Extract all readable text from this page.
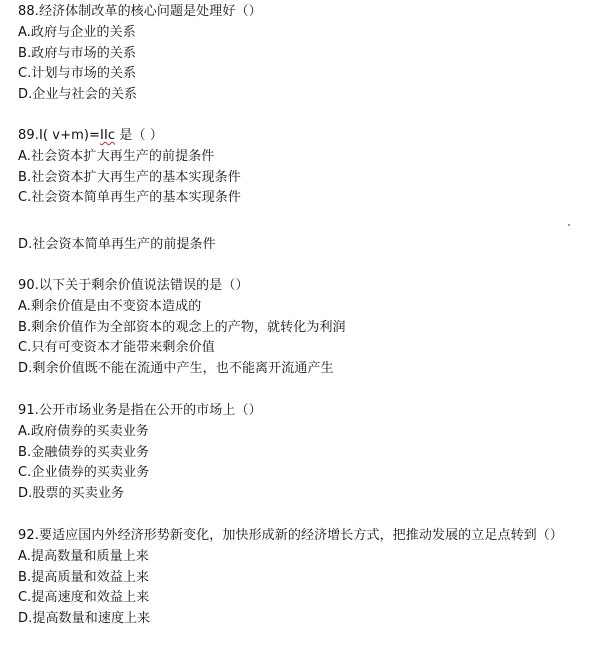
88.经济体制改革的核心问题是处理好（）

A.政府与企业的关系

B.政府与市场的关系

C.计划与市场的关系

D.企业与社会的关系

89.I( v+m)=IIc 是（ ）

A.社会资本扩大再生产的前提条件

B.社会资本扩大再生产的基本实现条件

C.社会资本简单再生产的基本实现条件

D.社会资本简单再生产的前提条件

90.以下关于剩余价值说法错误的是（）

A.剩余价值是由不变资本造成的

B.剩余价值作为全部资本的观念上的产物，就转化为利润

C.只有可变资本才能带来剩余价值

D.剩余价值既不能在流通中产生，也不能离开流通产生

91.公开市场业务是指在公开的市场上（）

A.政府债券的买卖业务

B.金融债券的买卖业务

C.企业债券的买卖业务

D.股票的买卖业务

92.要适应国内外经济形势新变化，加快形成新的经济增长方式，把推动发展的立足点转到（）

A.提高数量和质量上来

B.提高质量和效益上来

C.提高速度和效益上来

D.提高数量和速度上来
